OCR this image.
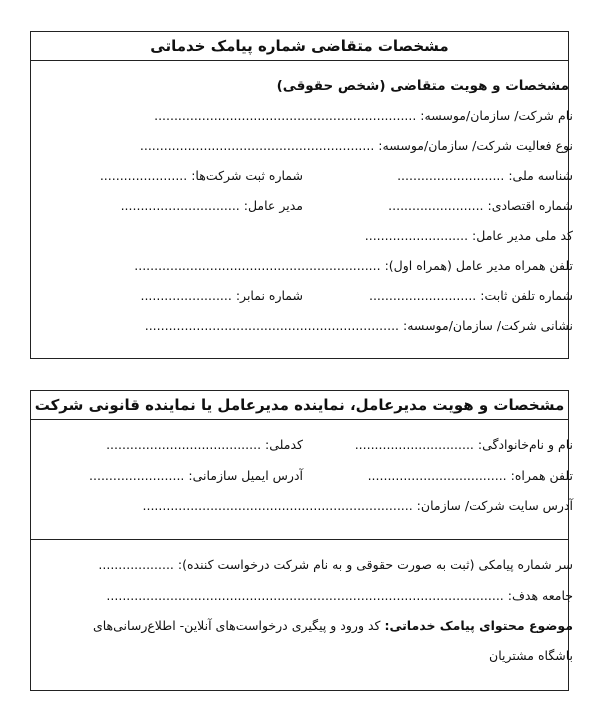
مشخصات متقاضی شماره پیامک خدماتی
مشخصات و هویت متقاضی (شخص حقوقی)
نام شرکت/ سازمان/موسسه: ..................................................................
نوع فعالیت شرکت/ سازمان/موسسه: ...........................................................
شناسه ملی: ...........................
شماره ثبت شرکت‌ها: ......................
شماره اقتصادی: ........................
مدیر عامل: ..............................
کد ملی مدیر عامل: ..........................
تلفن همراه مدیر عامل (همراه اول): ..............................................................
شماره تلفن ثابت: ...........................
شماره نمابر: .......................
نشانی شرکت/ سازمان/موسسه: ................................................................
مشخصات و هویت مدیرعامل، نماینده مدیرعامل یا نماینده قانونی شرکت
نام و نام‌خانوادگی: ..............................
کدملی: .......................................
تلفن همراه: ...................................
آدرس ایمیل سازمانی: ........................
آدرس سایت شرکت/ سازمان: ....................................................................
سر شماره پیامکی (ثبت به صورت حقوقی و به نام شرکت درخواست کننده): ...................
جامعه هدف: ....................................................................................................
موضوع محتوای پیامک خدماتی: کد ورود و پیگیری درخواست‌های آنلاین- اطلاع‌رسانی‌های
باشگاه مشتریان
